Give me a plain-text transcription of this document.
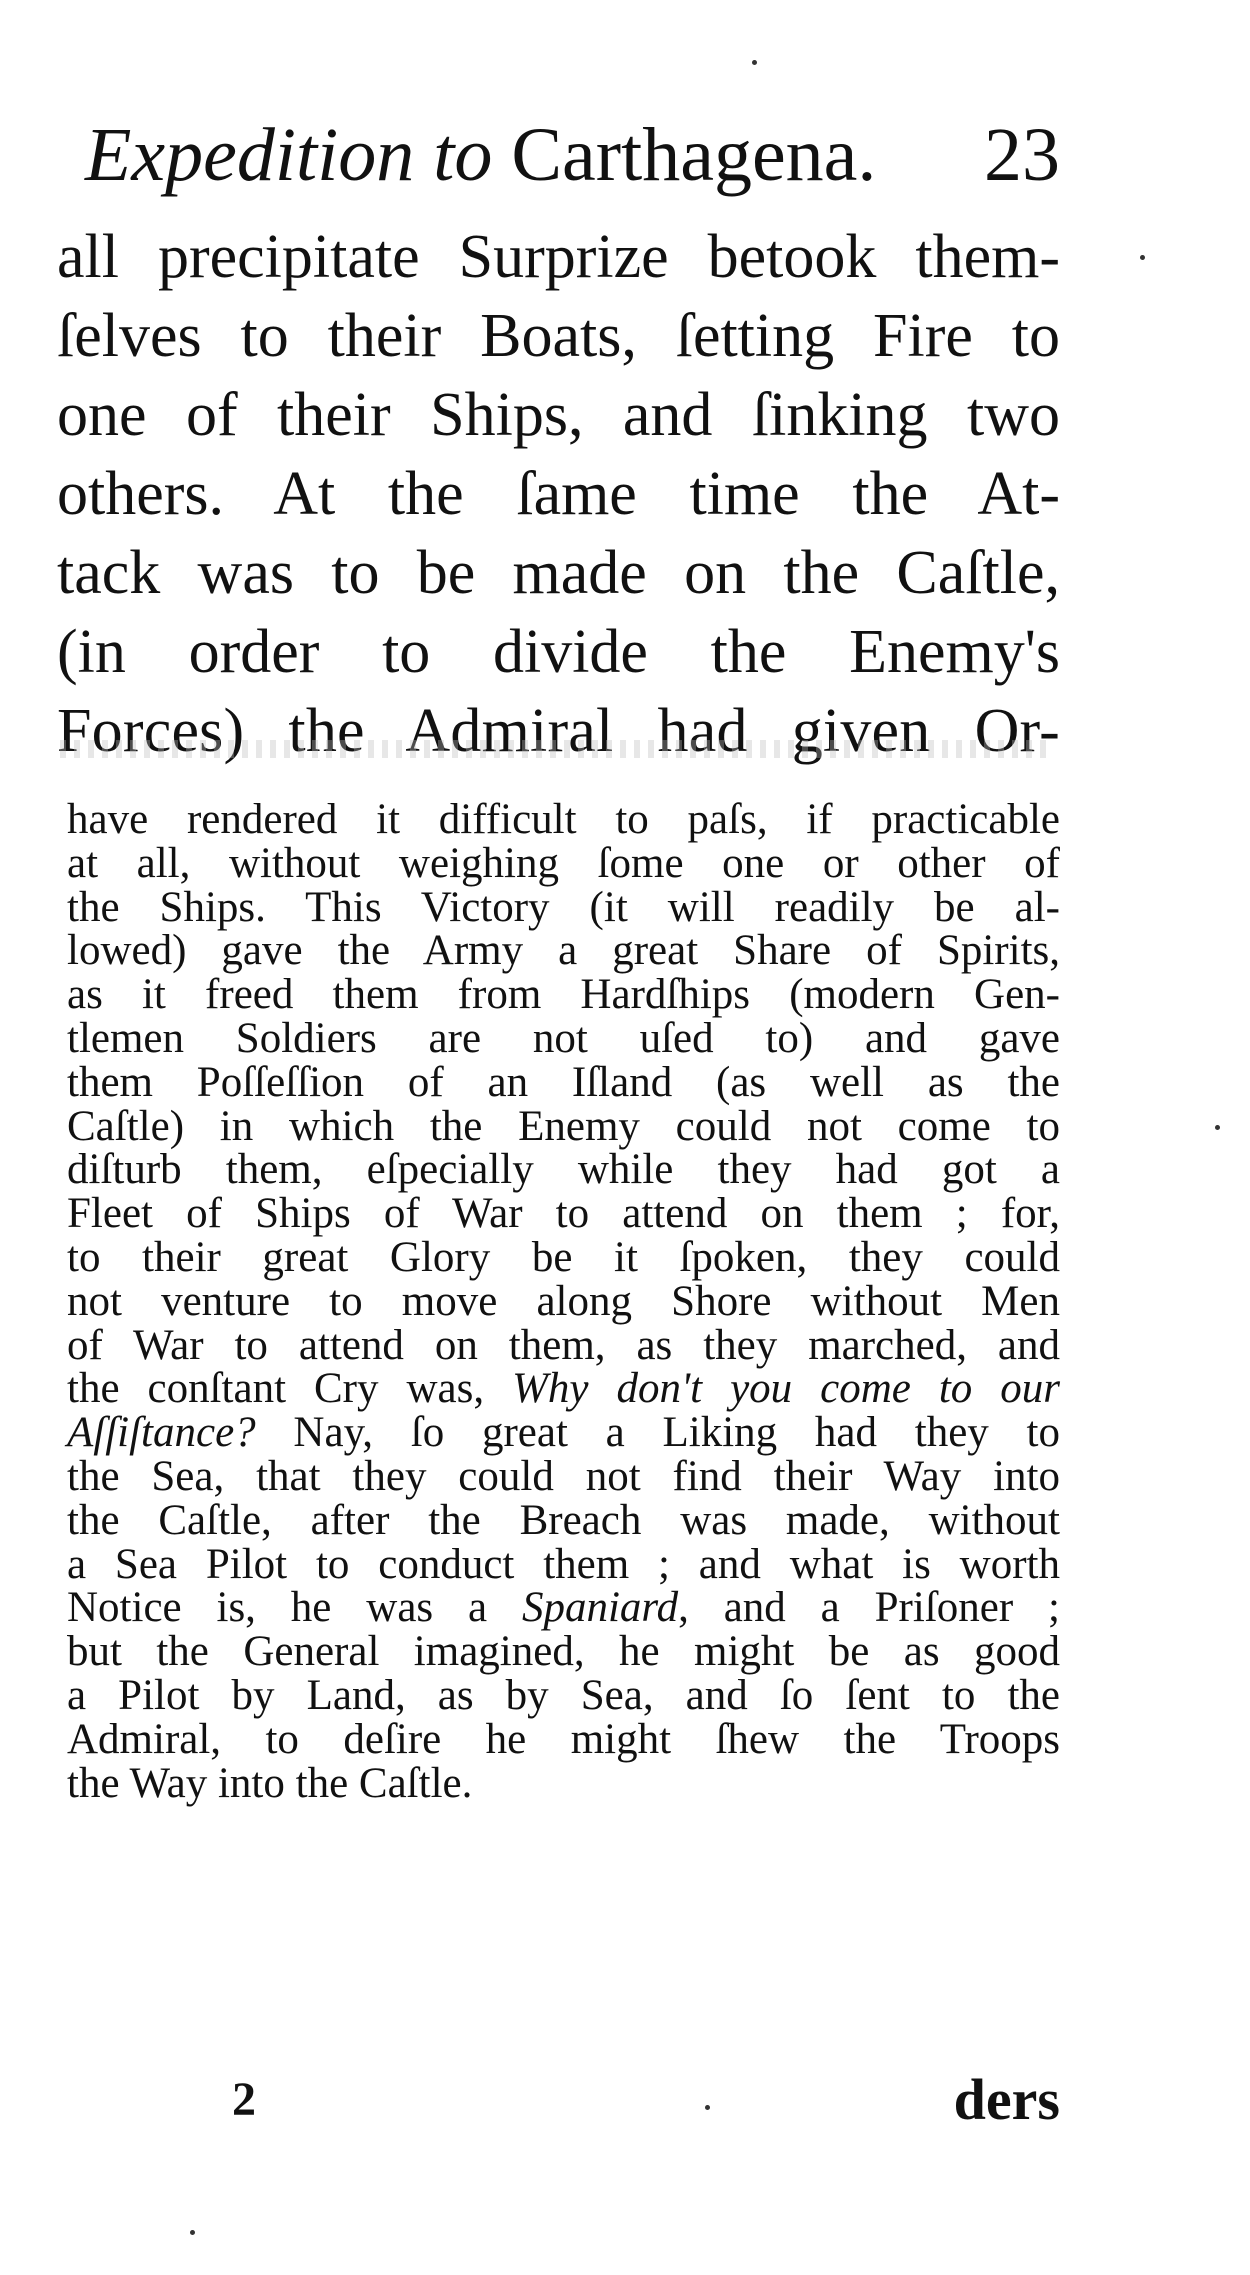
Expedition to Carthagena. 23
all precipitate Surprize betook them-
ſelves to their Boats, ſetting Fire to
one of their Ships, and ſinking two
others. At the ſame time the At-
tack was to be made on the Caſtle,
(in order to divide the Enemy's
Forces) the Admiral had given Or-
have rendered it difficult to paſs, if practicable
at all, without weighing ſome one or other of
the Ships. This Victory (it will readily be al-
lowed) gave the Army a great Share of Spirits,
as it freed them from Hardſhips (modern Gen-
tlemen Soldiers are not uſed to) and gave
them Poſſeſſion of an Iſland (as well as the
Caſtle) in which the Enemy could not come to
diſturb them, eſpecially while they had got a
Fleet of Ships of War to attend on them ; for,
to their great Glory be it ſpoken, they could
not venture to move along Shore without Men
of War to attend on them, as they marched, and
the conſtant Cry was, Why don't you come to our
Aſſiſtance? Nay, ſo great a Liking had they to
the Sea, that they could not find their Way into
the Caſtle, after the Breach was made, without
a Sea Pilot to conduct them ; and what is worth
Notice is, he was a Spaniard, and a Priſoner ;
but the General imagined, he might be as good
a Pilot by Land, as by Sea, and ſo ſent to the
Admiral, to deſire he might ſhew the Troops
the Way into the Caſtle.
2	ders
